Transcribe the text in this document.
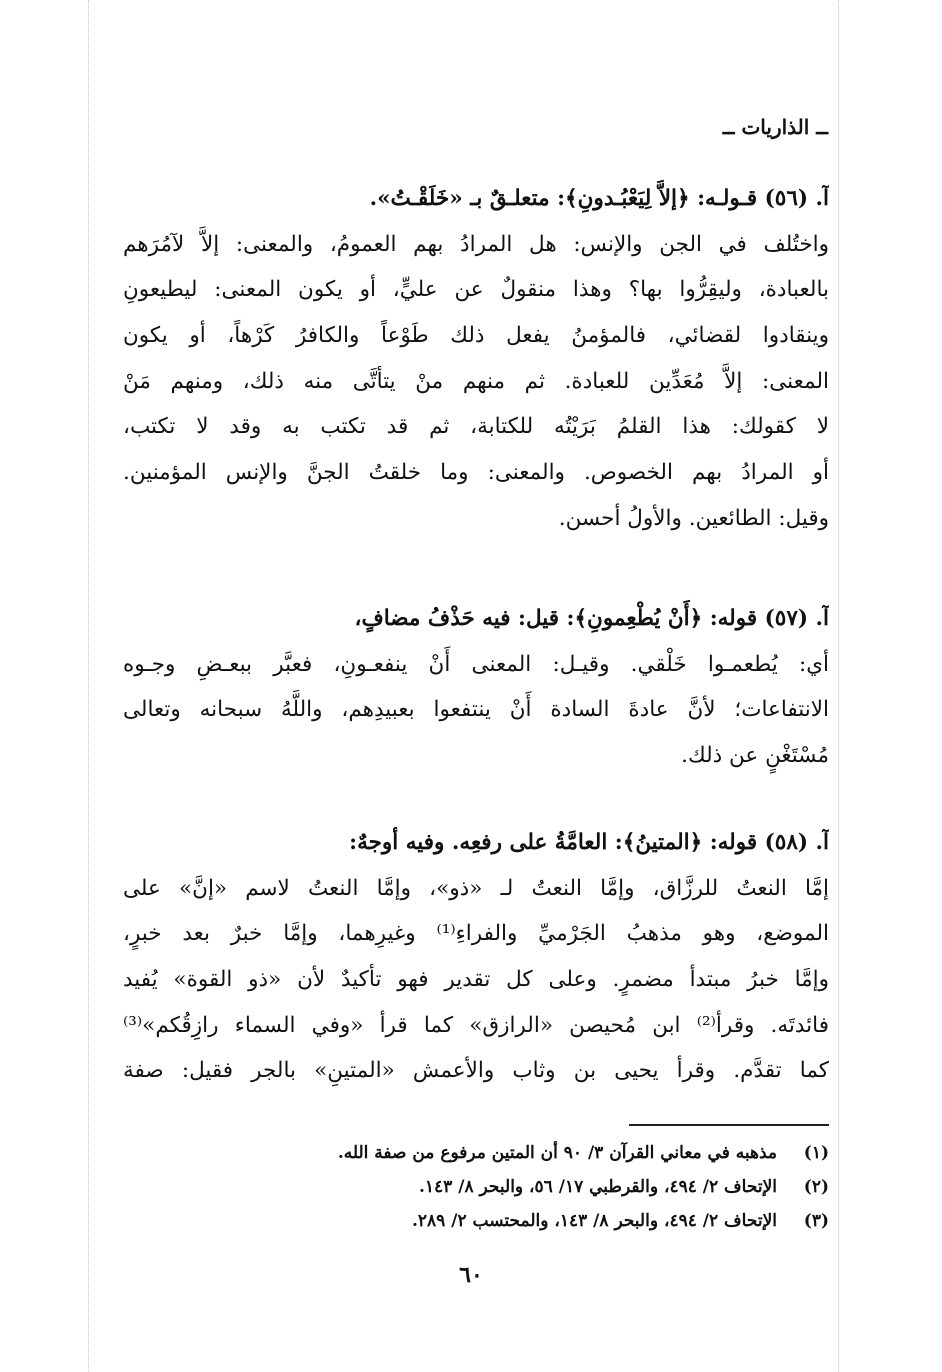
ــ الذاريات ــ
آ. (٥٦) قـولـه: ﴿إلاَّ لِيَعْبُـدونِ﴾: متعلـقٌ بـ «خَلَقْـتُ».
واختُلف في الجن والإنس: هل المرادُ بهم العمومُ، والمعنى: إلاَّ لآمُرَهم
بالعبادة، وليقِرُّوا بها؟ وهذا منقولٌ عن عليٍّ، أو يكون المعنى: ليطيعونِ
وينقادوا لقضائي، فالمؤمنُ يفعل ذلك طَوْعاً والكافرُ كَرْهاً، أو يكون
المعنى: إلاَّ مُعَدِّين للعبادة. ثم منهم منْ يتأتَّى منه ذلك، ومنهم مَنْ
لا كقولك: هذا القلمُ بَرَيْتُه للكتابة، ثم قد تكتب به وقد لا تكتب،
أو المرادُ بهم الخصوص. والمعنى: وما خلقتُ الجنَّ والإنس المؤمنين.
وقيل: الطائعين. والأولُ أحسن.
آ. (٥٧) قوله: ﴿أَنْ يُطْعِمونِ﴾: قيل: فيه حَذْفُ مضافٍ،
أي: يُطعمـوا خَلْقي. وقيـل: المعنى أَنْ ينفعـونِ، فعبَّر ببعـضِ وجـوه
الانتفاعات؛ لأنَّ عادةَ السادة أَنْ ينتفعوا بعبيدِهم، واللَّهُ سبحانه وتعالى
مُسْتَغْنٍ عن ذلك.
آ. (٥٨) قوله: ﴿المتينُ﴾: العامَّةُ على رفعِه. وفيه أوجهٌ:
إمَّا النعتُ للرزَّاق، وإمَّا النعتُ لـ «ذو»، وإمَّا النعتُ لاسم «إنَّ» على
الموضع، وهو مذهبُ الجَرْميِّ والفراءِ⁽¹⁾ وغيرِهما، وإمَّا خبرٌ بعد خبرٍ،
وإمَّا خبرُ مبتدأ مضمرٍ. وعلى كل تقدير فهو تأكيدٌ لأن «ذو القوة» يُفيد
فائدتَه. وقرأ⁽²⁾ ابن مُحيصن «الرازق» كما قرأ «وفي السماء رازِقُكم»⁽³⁾
كما تقدَّم. وقرأ يحيى بن وثاب والأعمش «المتينِ» بالجر فقيل: صفة
(١)مذهبه في معاني القرآن ٣/ ٩٠ أن المتين مرفوع من صفة الله.
(٢)الإتحاف ٢/ ٤٩٤، والقرطبي ١٧/ ٥٦، والبحر ٨/ ١٤٣.
(٣)الإتحاف ٢/ ٤٩٤، والبحر ٨/ ١٤٣، والمحتسب ٢/ ٢٨٩.
٦٠
